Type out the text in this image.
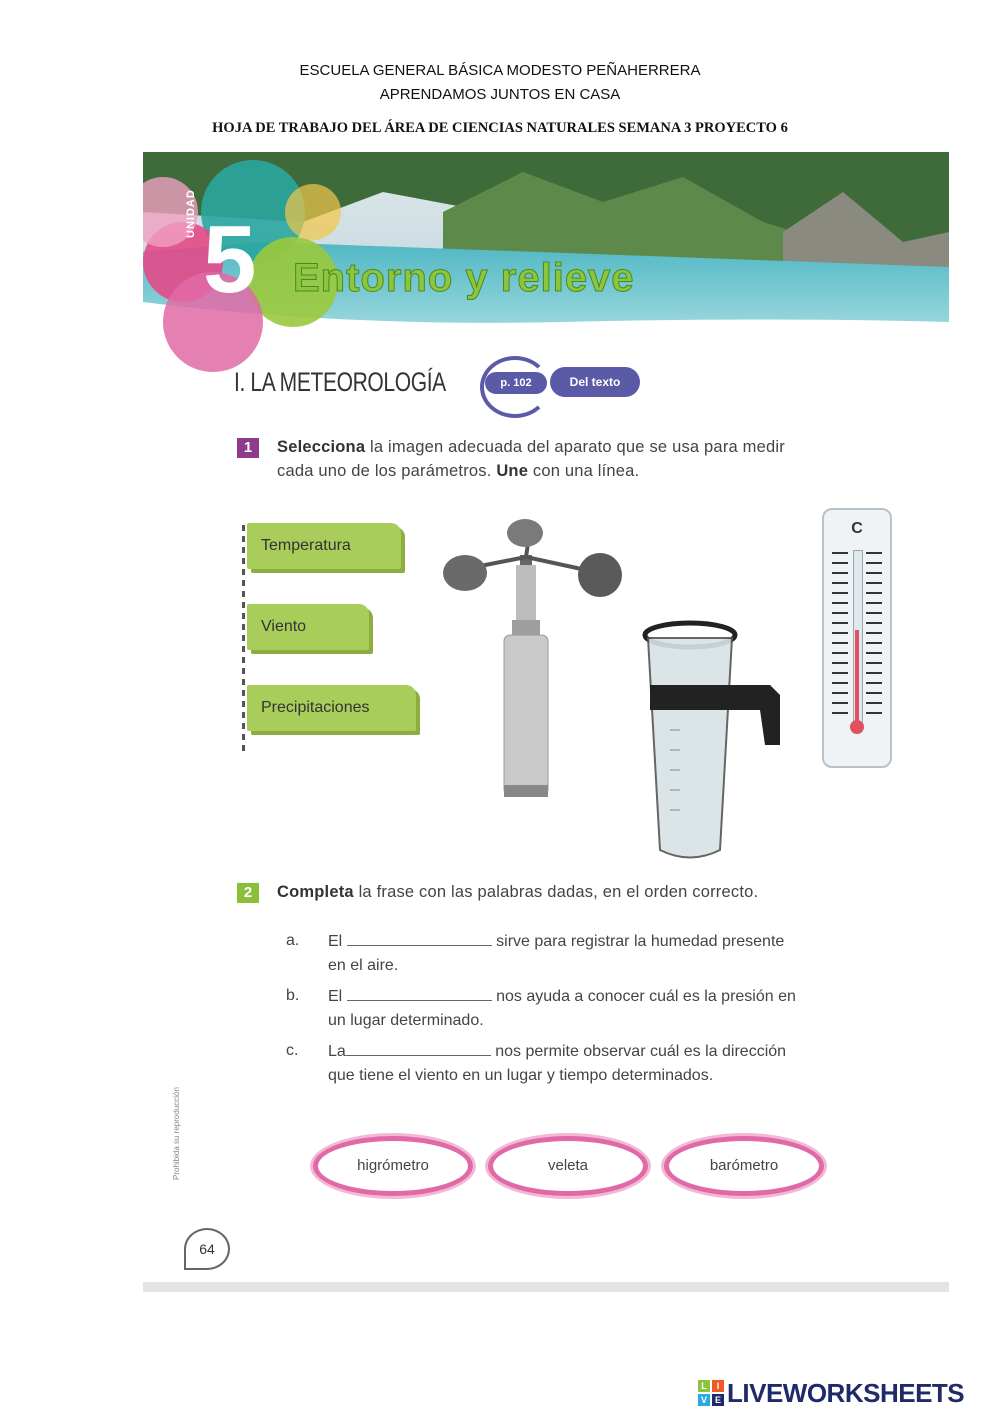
ESCUELA GENERAL BÁSICA MODESTO PEÑAHERRERA
APRENDAMOS JUNTOS EN CASA
HOJA DE TRABAJO DEL ÁREA DE CIENCIAS NATURALES SEMANA 3 PROYECTO 6
UNIDAD 5 Entorno y relieve
I. LA METEOROLOGÍA	p. 102	Del texto
1	Selecciona la imagen adecuada del aparato que se usa para medir
cada uno de los parámetros. Une con una línea.
Temperatura
Viento
Precipitaciones
C
2	Completa la frase con las palabras dadas, en el orden correcto.
a. El	sirve para registrar la humedad presente
en el aire.
b. El	nos ayuda a conocer cuál es la presión en
un lugar determinado.
c. La	nos permite observar cuál es la dirección
que tiene el viento en un lugar y tiempo determinados.
higrómetro	veleta	barómetro
Prohibida su reproducción
64
L	I
V E LIVEWORKSHEETS
